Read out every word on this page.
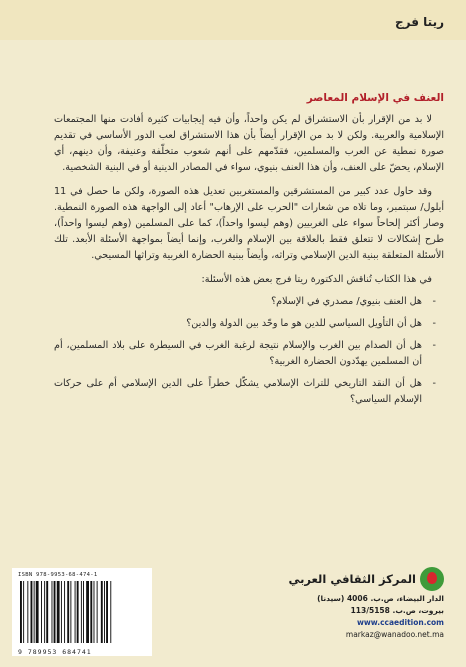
ريتا فرج
العنف في الإسلام المعاصر

لا بد من الإقرار بأن الاستشراق لم يكن واحداً، وأن فيه إيجابيات كثيرة أفادت منها المجتمعات الإسلامية والعربية. ولكن لا بد من الإقرار أيضاً بأن هذا الاستشراق لعب الدور الأساسي في تقديم صورة نمطية عن العرب والمسلمين، فقدّمهم على أنهم شعوب متخلّفة وعنيفة، وأن دينهم، أي الإسلام، يحضّ على العنف، وأن هذا العنف بنيوي، سواء في المصادر الدينية أو في البنية الشخصية.

وقد حاول عدد كبير من المستشرقين والمستغربين تعديل هذه الصورة، ولكن ما حصل في 11 أيلول/ سبتمبر، وما تلاه من شعارات "الحرب على الإرهاب" أعاد إلى الواجهة هذه الصورة النمطية. وصار أكثر إلحاحاً سواء على الغربيين (وهم ليسوا واحداً)، كما على المسلمين (وهم ليسوا واحداً)، طرح إشكالات لا تتعلق فقط بالعلاقة بين الإسلام والغرب، وإنما أيضاً بمواجهة الأسئلة الأبعد. تلك الأسئلة المتعلقة ببنية الدين الإسلامي وتراثه، وأيضاً ببنية الحضارة الغربية وتراثها المسيحي.

في هذا الكتاب تُناقش الدكتورة ريتا فرج بعض هذه الأسئلة:

-
هل العنف بنيوي/ مصدري في الإسلام؟
-
هل أن التأويل السياسي للدين هو ما وحّد بين الدولة والدين؟
-
هل أن الصدام بين الغرب والإسلام نتيجة لرغبة الغرب في السيطرة على بلاد المسلمين، أم أن المسلمين يهدّدون الحضارة الغربية؟
-
هل أن النقد التاريخي للتراث الإسلامي يشكّل خطراً على الدين الإسلامي أم على حركات الإسلام السياسي؟
ISBN 978-9953-68-474-1
9 789953 684741
المركز الثقافي العربي
الدار البيضاء، ص.ب. 4006 (سيدنا)
بيروت، ص.ب. 113/5158
www.ccaedition.com
markaz@wanadoo.net.ma
